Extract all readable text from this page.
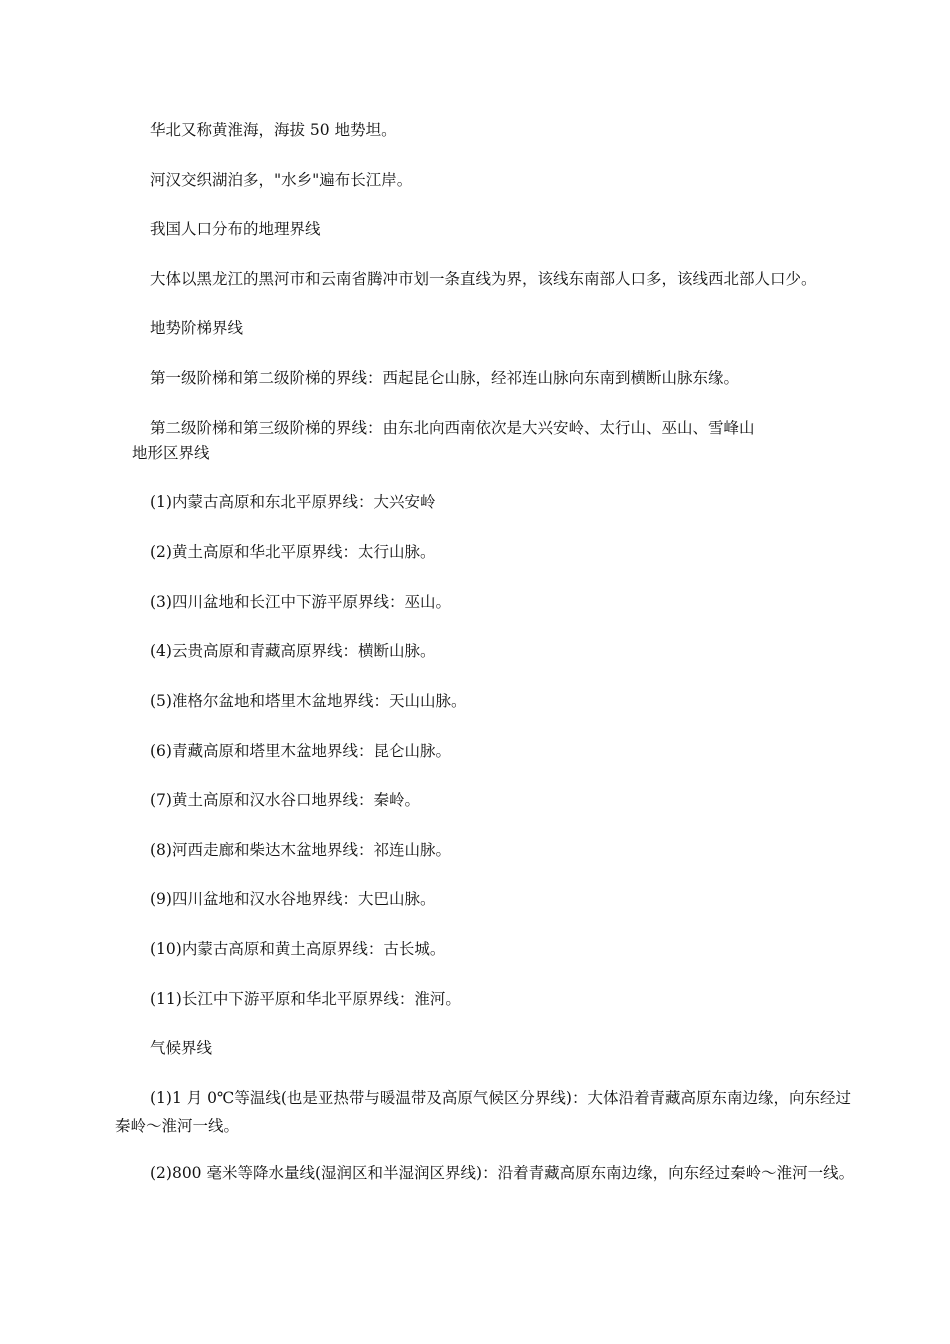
华北又称黄淮海，海拔 50 地势坦。

河汉交织湖泊多，"水乡"遍布长江岸。

我国人口分布的地理界线

大体以黑龙江的黑河市和云南省腾冲市划一条直线为界，该线东南部人口多，该线西北部人口少。

地势阶梯界线

第一级阶梯和第二级阶梯的界线：西起昆仑山脉，经祁连山脉向东南到横断山脉东缘。

第二级阶梯和第三级阶梯的界线：由东北向西南依次是大兴安岭、太行山、巫山、雪峰山

地形区界线

(1)内蒙古高原和东北平原界线：大兴安岭

(2)黄土高原和华北平原界线：太行山脉。

(3)四川盆地和长江中下游平原界线：巫山。

(4)云贵高原和青藏高原界线：横断山脉。

(5)准格尔盆地和塔里木盆地界线：天山山脉。

(6)青藏高原和塔里木盆地界线：昆仑山脉。

(7)黄土高原和汉水谷口地界线：秦岭。

(8)河西走廊和柴达木盆地界线：祁连山脉。

(9)四川盆地和汉水谷地界线：大巴山脉。

(10)内蒙古高原和黄土高原界线：古长城。

(11)长江中下游平原和华北平原界线：淮河。

气候界线

(1)1 月 0℃等温线(也是亚热带与暖温带及高原气候区分界线)：大体沿着青藏高原东南边缘，向东经过秦岭～淮河一线。

(2)800 毫米等降水量线(湿润区和半湿润区界线)：沿着青藏高原东南边缘，向东经过秦岭～淮河一线。
